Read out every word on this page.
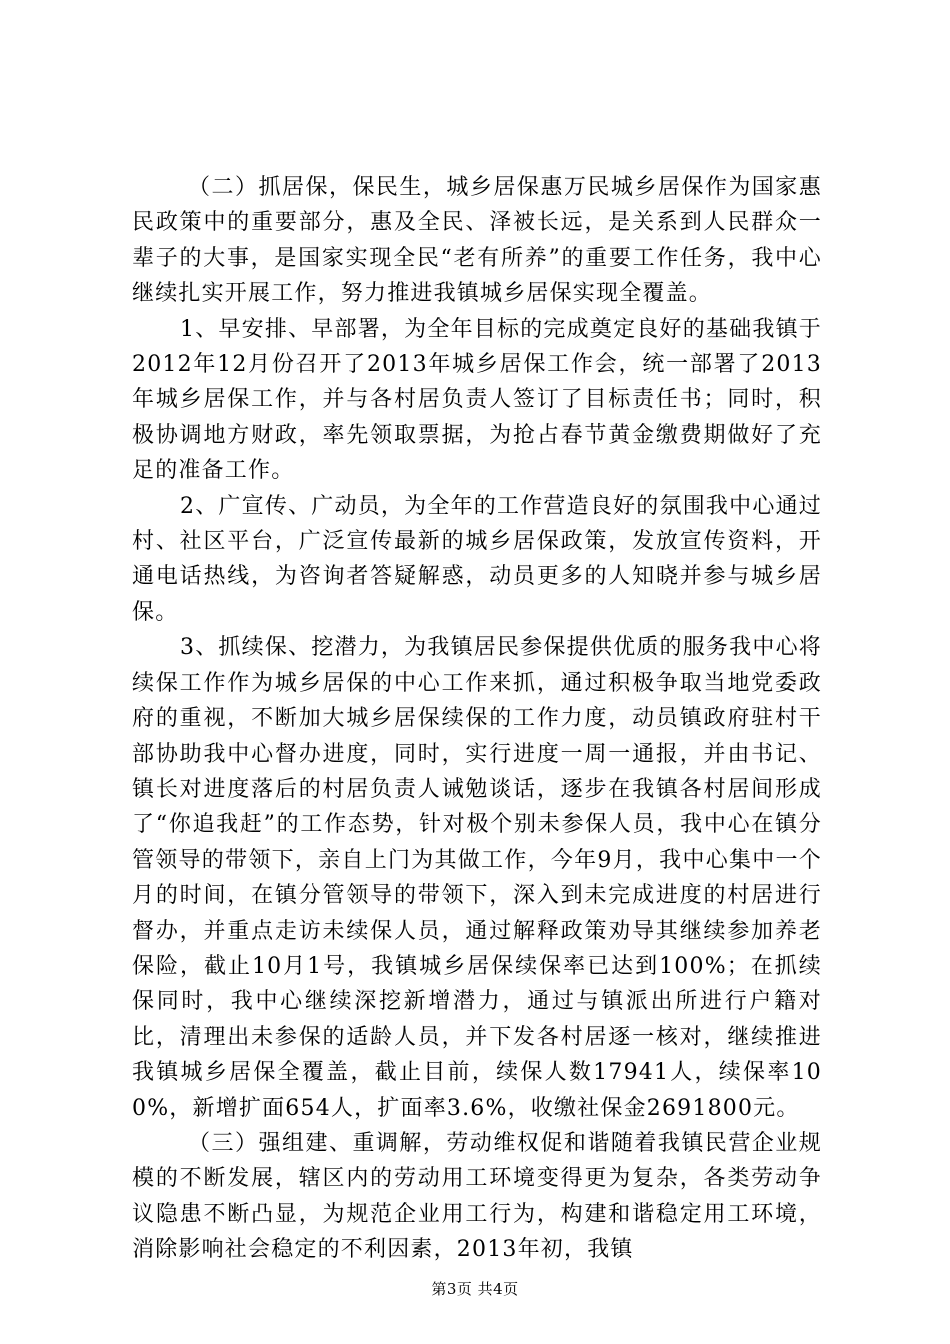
（二）抓居保，保民生，城乡居保惠万民城乡居保作为国家惠民政策中的重要部分，惠及全民、泽被长远，是关系到人民群众一辈子的大事，是国家实现全民“老有所养”的重要工作任务，我中心继续扎实开展工作，努力推进我镇城乡居保实现全覆盖。

1、早安排、早部署，为全年目标的完成奠定良好的基础我镇于2012年12月份召开了2013年城乡居保工作会，统一部署了2013年城乡居保工作，并与各村居负责人签订了目标责任书；同时，积极协调地方财政，率先领取票据，为抢占春节黄金缴费期做好了充足的准备工作。

2、广宣传、广动员，为全年的工作营造良好的氛围我中心通过村、社区平台，广泛宣传最新的城乡居保政策，发放宣传资料，开通电话热线，为咨询者答疑解惑，动员更多的人知晓并参与城乡居保。

3、抓续保、挖潜力，为我镇居民参保提供优质的服务我中心将续保工作作为城乡居保的中心工作来抓，通过积极争取当地党委政府的重视，不断加大城乡居保续保的工作力度，动员镇政府驻村干部协助我中心督办进度，同时，实行进度一周一通报，并由书记、镇长对进度落后的村居负责人诫勉谈话，逐步在我镇各村居间形成了“你追我赶”的工作态势，针对极个别未参保人员，我中心在镇分管领导的带领下，亲自上门为其做工作，今年9月，我中心集中一个月的时间，在镇分管领导的带领下，深入到未完成进度的村居进行督办，并重点走访未续保人员，通过解释政策劝导其继续参加养老保险，截止10月1号，我镇城乡居保续保率已达到100%；在抓续保同时，我中心继续深挖新增潜力，通过与镇派出所进行户籍对比，清理出未参保的适龄人员，并下发各村居逐一核对，继续推进我镇城乡居保全覆盖，截止目前，续保人数17941人，续保率100%，新增扩面654人，扩面率3.6%，收缴社保金2691800元。

（三）强组建、重调解，劳动维权促和谐随着我镇民营企业规模的不断发展，辖区内的劳动用工环境变得更为复杂，各类劳动争议隐患不断凸显，为规范企业用工行为，构建和谐稳定用工环境，消除影响社会稳定的不利因素，2013年初，我镇

第3页 共4页
